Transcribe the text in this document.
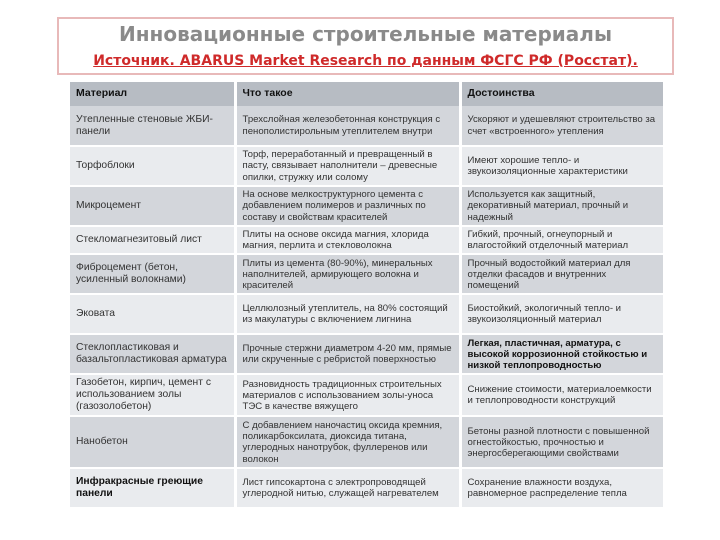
Инновационные строительные материалы
Источник. ABARUS Market Research по данным ФСГС РФ (Росстат).
Материал	Что такое	Достоинства
Утепленные стеновые ЖБИ-панели	Трехслойная железобетонная конструкция с пенополистирольным утеплителем внутри	Ускоряют и удешевляют строительство за счет «встроенного» утепления
Торфоблоки	Торф, переработанный и превращенный в пасту, связывает наполнители – древесные опилки, стружку или солому	Имеют хорошие тепло- и звукоизоляционные характеристики
Микроцемент	На основе мелкоструктурного цемента с добавлением полимеров и различных по составу и свойствам красителей	Используется как защитный, декоративный материал, прочный и надежный
Стекломагнезитовый лист	Плиты на основе оксида магния, хлорида магния, перлита и стекловолокна	Гибкий, прочный, огнеупорный и влагостойкий отделочный материал
Фиброцемент (бетон, усиленный волокнами)	Плиты из цемента (80-90%), минеральных наполнителей, армирующего волокна и красителей	Прочный водостойкий материал для отделки фасадов и внутренних помещений
Эковата	Целлюлозный утеплитель, на 80% состоящий из макулатуры с включением лигнина	Биостойкий, экологичный тепло- и звукоизоляционный материал
Стеклопластиковая и базальтопластиковая арматура	Прочные стержни диаметром 4-20 мм, прямые или скрученные с ребристой поверхностью	Легкая, пластичная, арматура, с высокой коррозионной стойкостью и низкой теплопроводностью
Газобетон, кирпич, цемент с использованием золы (газозолобетон)	Разновидность традиционных строительных материалов с использованием золы-уноса ТЭС в качестве вяжущего	Снижение стоимости, материалоемкости и теплопроводности конструкций
Нанобетон	С добавлением наночастиц оксида кремния, поликарбоксилата, диоксида титана, углеродных нанотрубок, фуллеренов или волокон	Бетоны разной плотности с повышенной огнестойкостью, прочностью и энергосберегающими свойствами
Инфракрасные греющие панели	Лист гипсокартона с электропроводящей углеродной нитью, служащей нагревателем	Сохранение влажности воздуха, равномерное распределение тепла
